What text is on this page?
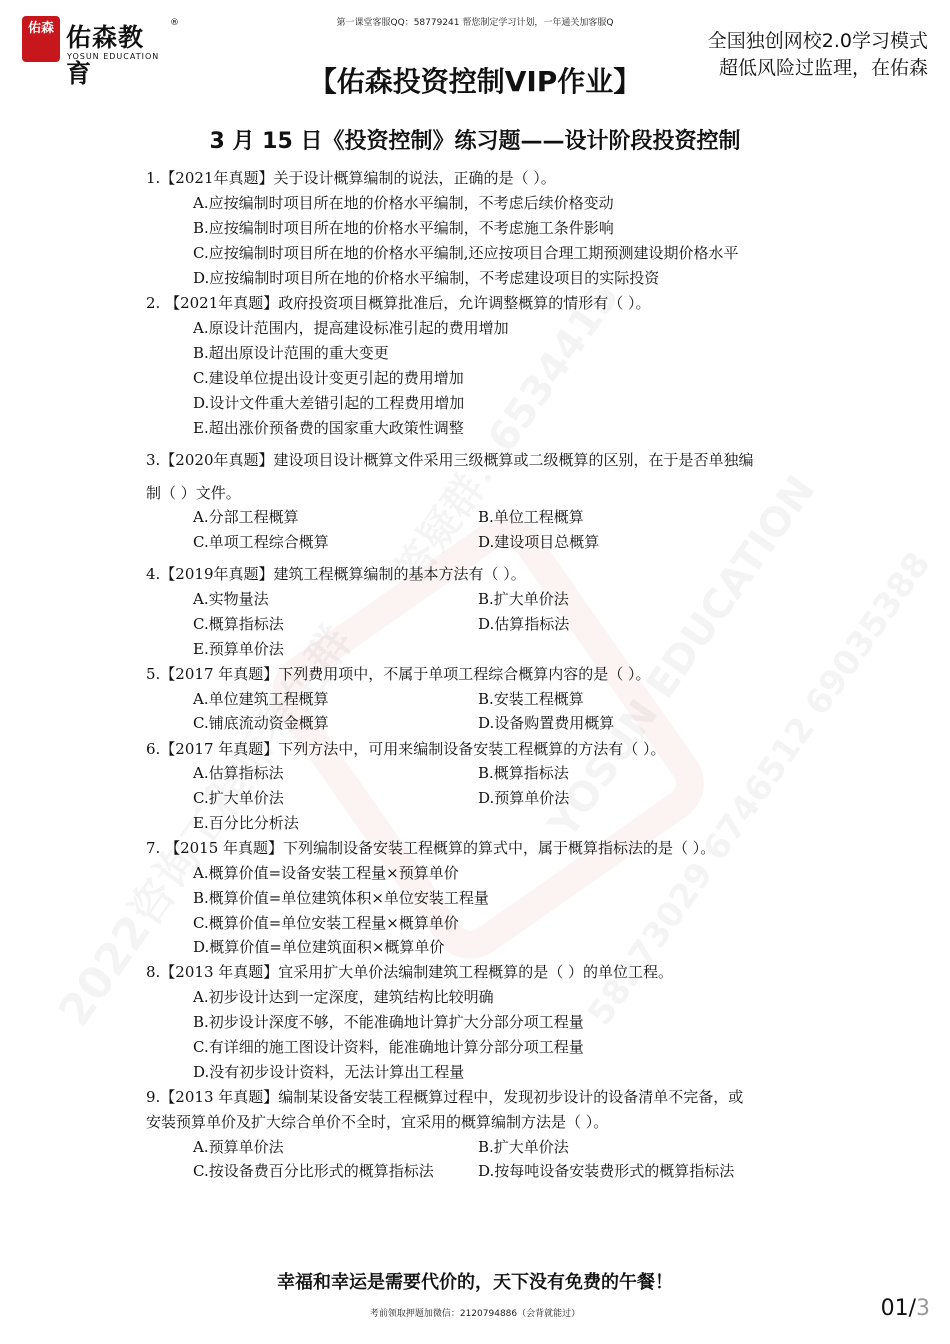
佑森 佑森教育
®
YOSUN EDUCATION
第一课堂客服QQ：58779241 帮您制定学习计划，一年通关加客服Q
全国独创网校2.0学习模式
超低风险过监理，在佑森
【佑森投资控制VIP作业】
3 月 15 日《投资控制》练习题——设计阶段投资控制
1.【2021年真题】关于设计概算编制的说法，正确的是（ ）。
A.应按编制时项目所在地的价格水平编制，不考虑后续价格变动
B.应按编制时项目所在地的价格水平编制，不考虑施工条件影响
C.应按编制时项目所在地的价格水平编制,还应按项目合理工期预测建设期价格水平
D.应按编制时项目所在地的价格水平编制，不考虑建设项目的实际投资
2. 【2021年真题】政府投资项目概算批准后，允许调整概算的情形有（ ）。
A.原设计范围内，提高建设标准引起的费用增加
B.超出原设计范围的重大变更
C.建设单位提出设计变更引起的费用增加
D.设计文件重大差错引起的工程费用增加
E.超出涨价预备费的国家重大政策性调整
3.【2020年真题】建设项目设计概算文件采用三级概算或二级概算的区别，在于是否单独编
制（ ）文件。
A.分部工程概算	B.单位工程概算
C.单项工程综合概算	D.建设项目总概算
4.【2019年真题】建筑工程概算编制的基本方法有（ ）。
A.实物量法	B.扩大单价法
C.概算指标法	D.估算指标法
E.预算单价法
5.【2017 年真题】下列费用项中，不属于单项工程综合概算内容的是（ ）。
A.单位建筑工程概算	B.安装工程概算
C.铺底流动资金概算	D.设备购置费用概算
6.【2017 年真题】下列方法中，可用来编制设备安装工程概算的方法有（ ）。
A.估算指标法	B.概算指标法
C.扩大单价法	D.预算单价法
E.百分比分析法
7. 【2015 年真题】下列编制设备安装工程概算的算式中，属于概算指标法的是（ ）。
A.概算价值=设备安装工程量×预算单价
B.概算价值=单位建筑体积×单位安装工程量
C.概算价值=单位安装工程量×概算单价
D.概算价值=单位建筑面积×概算单价
8.【2013 年真题】宜采用扩大单价法编制建筑工程概算的是（ ）的单位工程。
A.初步设计达到一定深度，建筑结构比较明确
B.初步设计深度不够，不能准确地计算扩大分部分项工程量
C.有详细的施工图设计资料，能准确地计算分部分项工程量
D.没有初步设计资料，无法计算出工程量
9.【2013 年真题】编制某设备安装工程概算过程中，发现初步设计的设备清单不完备，或
安装预算单价及扩大综合单价不全时，宜采用的概算编制方法是（ ）。
A.预算单价法	B.扩大单价法
C.按设备费百分比形式的概算指标法	D.按每吨设备安装费形式的概算指标法
幸福和幸运是需要代价的，天下没有免费的午餐！
考前领取押题加微信：2120794886（会背就能过）	01/3
